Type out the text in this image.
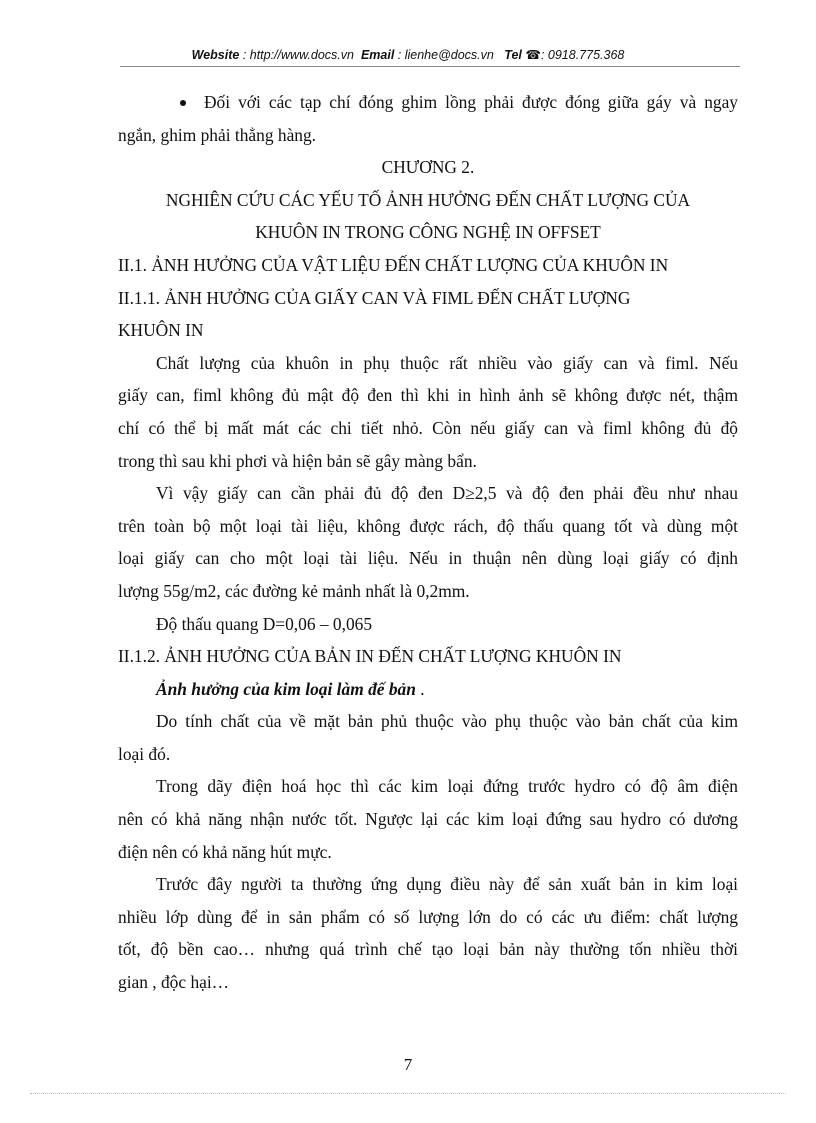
Website : http://www.docs.vn Email : lienhe@docs.vn Tel ☎: 0918.775.368
Đối với các tạp chí đóng ghim lồng phải được đóng giữa gáy và ngay
ngắn, ghim phải thẳng hàng.
CHƯƠNG 2.
NGHIÊN CỨU CÁC YẾU TỐ ẢNH HƯỞNG ĐẾN CHẤT LƯỢNG CỦA
KHUÔN IN TRONG CÔNG NGHỆ IN OFFSET
II.1. ẢNH HƯỞNG CỦA VẬT LIỆU ĐẾN CHẤT LƯỢNG CỦA KHUÔN IN
II.1.1. ẢNH HƯỞNG CỦA GIẤY CAN VÀ FIML ĐẾN CHẤT LƯỢNG
KHUÔN IN
Chất lượng của khuôn in phụ thuộc rất nhiều vào giấy can và fiml. Nếu
giấy can, fiml không đủ mật độ đen thì khi in hình ảnh sẽ không được nét, thậm
chí có thể bị mất mát các chi tiết nhỏ. Còn nếu giấy can và fiml không đủ độ
trong thì sau khi phơi và hiện bản sẽ gây màng bẩn.
Vì vậy giấy can cần phải đủ độ đen D≥2,5 và độ đen phải đều như nhau
trên toàn bộ một loại tài liệu, không được rách, độ thấu quang tốt và dùng một
loại giấy can cho một loại tài liệu. Nếu in thuận nên dùng loại giấy có định
lượng 55g/m2, các đường kẻ mảnh nhất là 0,2mm.
Độ thấu quang D=0,06 – 0,065
II.1.2. ẢNH HƯỞNG CỦA BẢN IN ĐẾN CHẤT LƯỢNG KHUÔN IN
Ảnh hưởng của kim loại làm đế bản .
Do tính chất của về mặt bản phủ thuộc vào phụ thuộc vào bản chất của kim
loại đó.
Trong dãy điện hoá học thì các kim loại đứng trước hydro có độ âm điện
nên có khả năng nhận nước tốt. Ngược lại các kim loại đứng sau hydro có dương
điện nên có khả năng hút mực.
Trước đây người ta thường ứng dụng điều này để sản xuất bản in kim loại
nhiều lớp dùng để in sản phẩm có số lượng lớn do có các ưu điểm: chất lượng
tốt, độ bền cao… nhưng quá trình chế tạo loại bản này thường tốn nhiều thời
gian , độc hại…
7
